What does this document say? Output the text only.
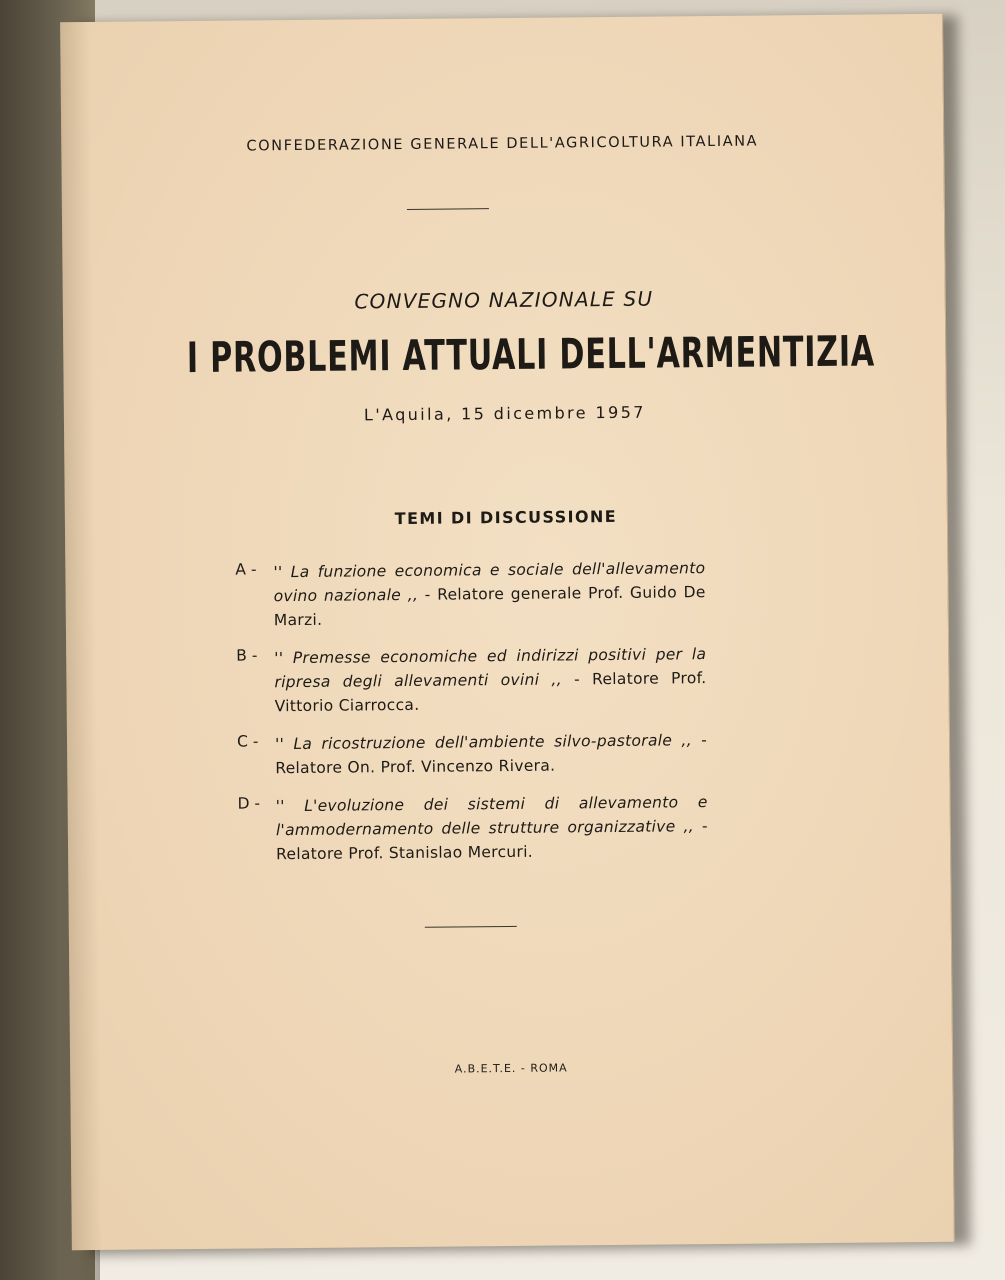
CONFEDERAZIONE GENERALE DELL'AGRICOLTURA ITALIANA
CONVEGNO NAZIONALE SU
I PROBLEMI ATTUALI DELL'ARMENTIZIA
L'Aquila, 15 dicembre 1957
TEMI DI DISCUSSIONE
A - '' La funzione economica e sociale dell'allevamento ovino nazionale ,, - Relatore generale Prof. Guido De Marzi.
B - '' Premesse economiche ed indirizzi positivi per la ripresa degli allevamenti ovini ,, - Relatore Prof. Vittorio Ciarrocca.
C - '' La ricostruzione dell'ambiente silvo-pastorale ,, - Relatore On. Prof. Vincenzo Rivera.
D - '' L'evoluzione dei sistemi di allevamento e l'ammodernamento delle strutture organizzative ,, - Relatore Prof. Stanislao Mercuri.
A.B.E.T.E. - ROMA
